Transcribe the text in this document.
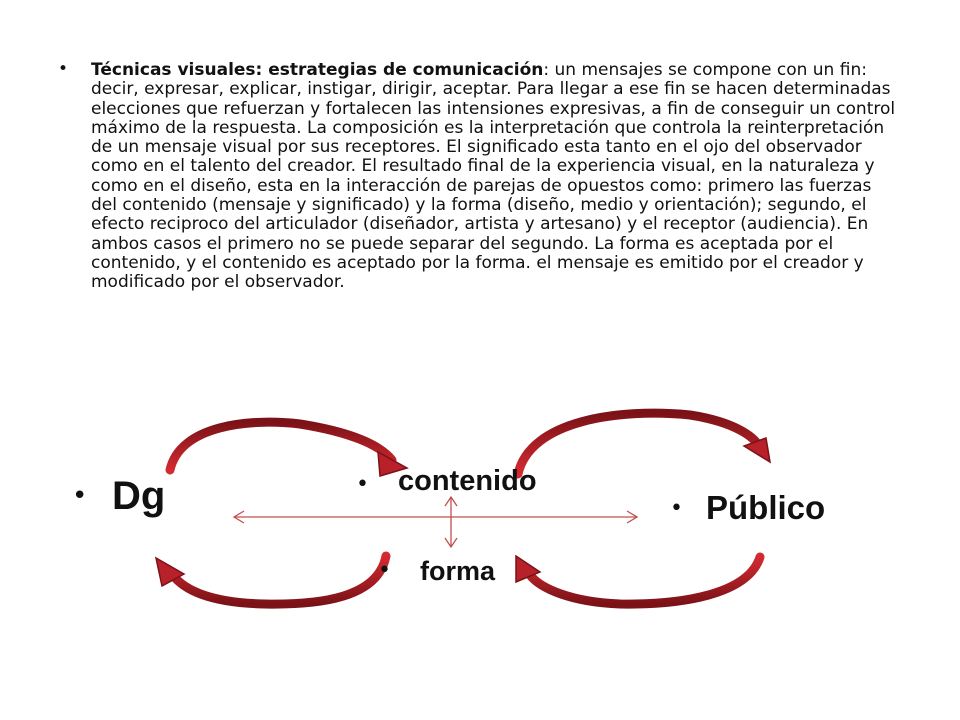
• Técnicas visuales: estrategias de comunicación: un mensajes se compone con un fin: decir, expresar, explicar, instigar, dirigir, aceptar. Para llegar a ese fin se hacen determinadas elecciones que refuerzan y fortalecen las intensiones expresivas, a fin de conseguir un control máximo de la respuesta. La composición es la interpretación que controla la reinterpretación de un mensaje visual por sus receptores. El significado esta tanto en el ojo del observador como en el talento del creador. El resultado final de la experiencia visual, en la naturaleza y como en el diseño, esta en la interacción de parejas de opuestos como: primero las fuerzas del contenido (mensaje y significado) y la forma (diseño, medio y orientación); segundo, el efecto reciproco del articulador (diseñador, artista y artesano) y el receptor (audiencia). En ambos casos el primero no se puede separar del segundo. La forma es aceptada por el contenido, y el contenido es aceptado por la forma. el mensaje es emitido por el creador y modificado por el observador.
• Dg	• contenido
• forma
• Público
